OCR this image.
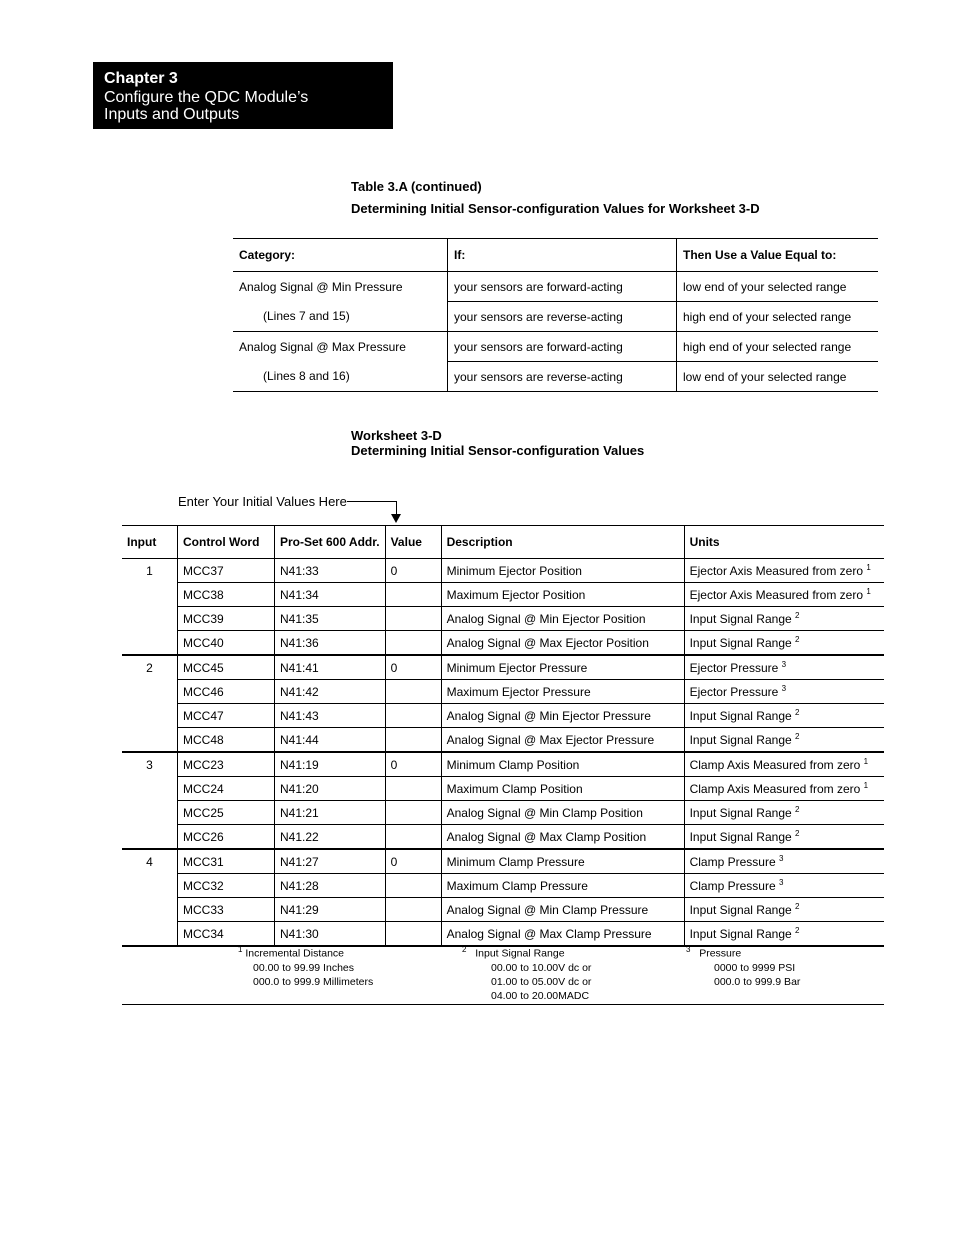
Chapter 3
Configure the QDC Module’s
Inputs and Outputs
Table 3.A (continued)
Determining Initial Sensor-configuration Values for Worksheet 3-D
Category:	If:	Then Use a Value Equal to:
Analog Signal @ Min Pressure	your sensors are forward-acting	low end of your selected range
(Lines 7 and 15)	your sensors are reverse-acting	high end of your selected range
Analog Signal @ Max Pressure	your sensors are forward-acting	high end of your selected range
(Lines 8 and 16)	your sensors are reverse-acting	low end of your selected range
Worksheet 3-D
Determining Initial Sensor-configuration Values
Enter Your Initial Values Here
Input	Control Word	Pro-Set 600 Addr.	Value	Description	Units
1	MCC37	N41:33	0	Minimum Ejector Position	Ejector Axis Measured from zero $^1$
	MCC38	N41:34		Maximum Ejector Position	Ejector Axis Measured from zero $^1$
	MCC39	N41:35		Analog Signal @ Min Ejector Position	Input Signal Range $^2$
	MCC40	N41:36		Analog Signal @ Max Ejector Position	Input Signal Range $^2$
2	MCC45	N41:41	0	Minimum Ejector Pressure	Ejector Pressure $^3$
	MCC46	N41:42		Maximum Ejector Pressure	Ejector Pressure $^3$
	MCC47	N41:43		Analog Signal @ Min Ejector Pressure	Input Signal Range $^2$
	MCC48	N41:44		Analog Signal @ Max Ejector Pressure	Input Signal Range $^2$
3	MCC23	N41:19	0	Minimum Clamp Position	Clamp Axis Measured from zero $^1$
	MCC24	N41:20		Maximum Clamp Position	Clamp Axis Measured from zero $^1$
	MCC25	N41:21		Analog Signal @ Min Clamp Position	Input Signal Range $^2$
	MCC26	N41.22		Analog Signal @ Max Clamp Position	Input Signal Range $^2$
4	MCC31	N41:27	0	Minimum Clamp Pressure	Clamp Pressure $^3$
	MCC32	N41:28		Maximum Clamp Pressure	Clamp Pressure $^3$
	MCC33	N41:29		Analog Signal @ Min Clamp Pressure	Input Signal Range $^2$
	MCC34	N41:30		Analog Signal @ Max Clamp Pressure	Input Signal Range $^2$
$^1$ Incremental Distance
00.00 to 99.99 Inches
000.0 to 999.9 Millimeters
$^2$ Input Signal Range
00.00 to 10.00V dc or
01.00 to 05.00V dc or
04.00 to 20.00MADC
$^3$ Pressure
0000 to 9999 PSI
000.0 to 999.9 Bar
